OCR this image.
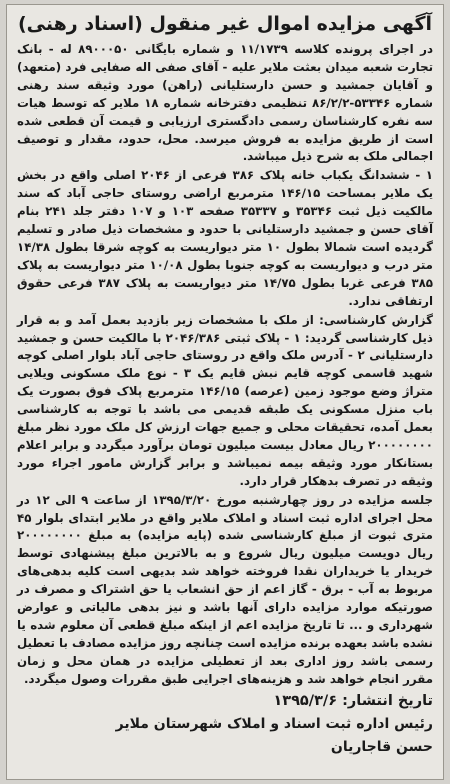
آگهی مزایده اموال غیر منقول (اسناد رهنی)

در اجرای پرونده کلاسه ۱۱/۱۷۳۹ و شماره بایگانی ۸۹۰۰۰۵۰ له - بانک تجارت شعبه میدان بعثت ملایر علیه - آقای صفی اله صفایی فرد (متعهد) و آقایان جمشید و حسن دارستلیانی (راهن) مورد وثیقه سند رهنی شماره ۵۳۳۴۶-۸۶/۲/۲ تنظیمی دفترخانه شماره ۱۸ ملایر که توسط هیات سه نفره کارشناسان رسمی دادگستری ارزیابی و قیمت آن قطعی شده است از طریق مزایده به فروش میرسد. محل، حدود، مقدار و توصیف اجمالی ملک به شرح ذیل میباشد.

۱ - ششدانگ یکباب خانه پلاک ۳۸۶ فرعی از ۲۰۴۶ اصلی واقع در بخش یک ملایر بمساحت ۱۴۶/۱۵ مترمربع اراضی روستای حاجی آباد که سند مالکیت ذیل ثبت ۳۵۳۴۶ و ۳۵۳۳۷ صفحه ۱۰۳ و ۱۰۷ دفتر جلد ۲۴۱ بنام آقای حسن و جمشید دارستلیانی با حدود و مشخصات ذیل صادر و تسلیم گردیده است شمالا بطول ۱۰ متر دیواریست به کوچه شرقا بطول ۱۴/۳۸ متر درب و دیواریست به کوچه جنوبا بطول ۱۰/۰۸ متر دیواریست به پلاک ۳۸۵ فرعی غربا بطول ۱۴/۷۵ متر دیواریست به پلاک ۳۸۷ فرعی حقوق ارتفاقی ندارد.

گزارش کارشناسی: از ملک با مشخصات زیر بازدید بعمل آمد و به قرار ذیل کارشناسی گردید: ۱ - پلاک ثبتی ۲۰۴۶/۳۸۶ با مالکیت حسن و جمشید دارستلیانی ۲ - آدرس ملک واقع در روستای حاجی آباد بلوار اصلی کوچه شهید قاسمی کوچه قایم نبش قایم یک ۳ - نوع ملک مسکونی ویلایی متراژ وضع موجود زمین (عرصه) ۱۴۶/۱۵ مترمربع پلاک فوق بصورت یک باب منزل مسکونی یک طبقه قدیمی می باشد با توجه به کارشناسی بعمل آمده، تحقیقات محلی و جمیع جهات ارزش کل ملک مورد نظر مبلغ ۲۰۰۰۰۰۰۰۰ ریال معادل بیست میلیون تومان برآورد میگردد و برابر اعلام بستانکار مورد وثیقه بیمه نمیباشد و برابر گزارش مامور اجراء مورد وثیقه در تصرف بدهکار قرار دارد.

جلسه مزایده در روز چهارشنبه مورخ ۱۳۹۵/۳/۲۰ از ساعت ۹ الی ۱۲ در محل اجرای اداره ثبت اسناد و املاک ملایر واقع در ملایر ابتدای بلوار ۴۵ متری ثبوت از مبلغ کارشناسی شده (پایه مزایده) به مبلغ ۲۰۰۰۰۰۰۰۰ ریال دویست میلیون ریال شروع و به بالاترین مبلغ پیشنهادی توسط خریدار یا خریداران نقدا فروخته خواهد شد بدیهی است کلیه بدهی‌های مربوط به آب - برق - گاز اعم از حق انشعاب یا حق اشتراک و مصرف در صورتیکه موارد مزایده دارای آنها باشد و نیز بدهی مالیاتی و عوارض شهرداری و ... تا تاریخ مزایده اعم از اینکه مبلغ قطعی آن معلوم شده یا نشده باشد بعهده برنده مزایده است چنانچه روز مزایده مصادف با تعطیل رسمی باشد روز اداری بعد از تعطیلی مزایده در همان محل و زمان مقرر انجام خواهد شد و هزینه‌های اجرایی طبق مقررات وصول میگردد.

تاریخ انتشار: ۱۳۹۵/۳/۶
رئیس اداره ثبت اسناد و املاک شهرستان ملایر
حسن قاجاریان
